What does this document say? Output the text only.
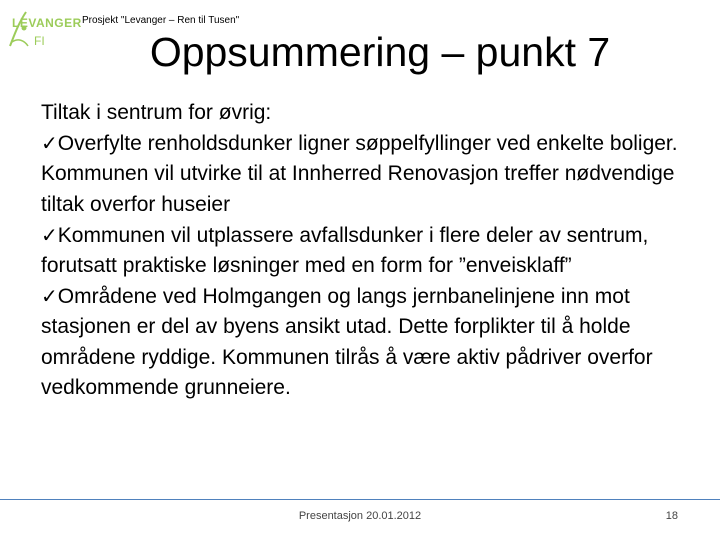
LEVANGER
FI
Prosjekt "Levanger – Ren til Tusen"
Oppsummering – punkt 7

Tiltak i sentrum for øvrig:

✓Overfylte renholdsdunker ligner søppelfyllinger ved enkelte boliger. Kommunen vil utvirke til at Innherred Renovasjon treffer nødvendige tiltak overfor huseier

✓Kommunen vil utplassere avfallsdunker i flere deler av sentrum, forutsatt praktiske løsninger med en form for ”enveisklaff”

✓Områdene ved Holmgangen og langs jernbanelinjene inn mot stasjonen er del av byens ansikt utad. Dette forplikter til å holde områdene ryddige. Kommunen tilrås å være aktiv pådriver overfor vedkommende grunneiere.

Presentasjon 20.01.2012	18
